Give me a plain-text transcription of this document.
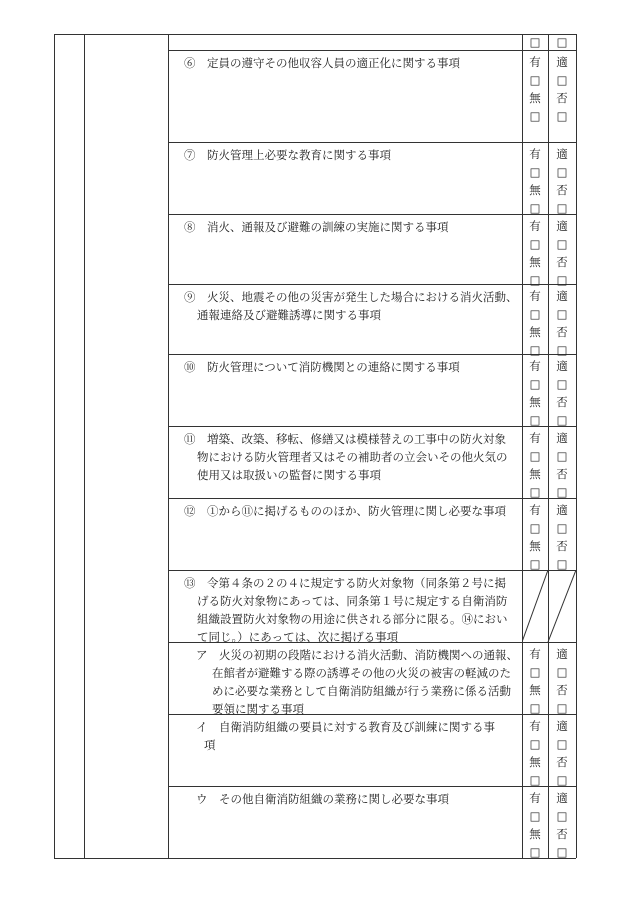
□	□
⑥　定員の遵守その他収容人員の適正化に関する事項	有 適
□	□
無 否
□	□
⑦　防火管理上必要な教育に関する事項	有 適
□	□
無 否
□	□
⑧　消火、通報及び避難の訓練の実施に関する事項	有 適
□	□
無 否
□	□
⑨　火災、地震その他の災害が発生した場合における消火活動、
通報連絡及び避難誘導に関する事項
有 適
□	□
無 否
□	□
⑩　防火管理について消防機関との連絡に関する事項	有 適
□	□
無 否
□	□
⑪　増築、改築、移転、修繕又は模様替えの工事中の防火対象
物における防火管理者又はその補助者の立会いその他火気の
使用又は取扱いの監督に関する事項
有 適
□	□
無 否
□	□
⑫　①から⑪に掲げるもののほか、防火管理に関し必要な事項 有 適
□	□
無 否
□	□
⑬　令第４条の２の４に規定する防火対象物（同条第２号に掲
げる防火対象物にあっては、同条第１号に規定する自衛消防
組織設置防火対象物の用途に供される部分に限る。⑭におい
て同じ。）にあっては、次に掲げる事項
ア　火災の初期の段階における消火活動、消防機関への通報、
在館者が避難する際の誘導その他の火災の被害の軽減のた
めに必要な業務として自衛消防組織が行う業務に係る活動
要領に関する事項
有 適
□	□
無 否
□	□
イ　自衛消防組織の要員に対する教育及び訓練に関する事
項
有 適
□	□
無 否
□	□
ウ　その他自衛消防組織の業務に関し必要な事項	有 適
□	□
無 否
□	□
